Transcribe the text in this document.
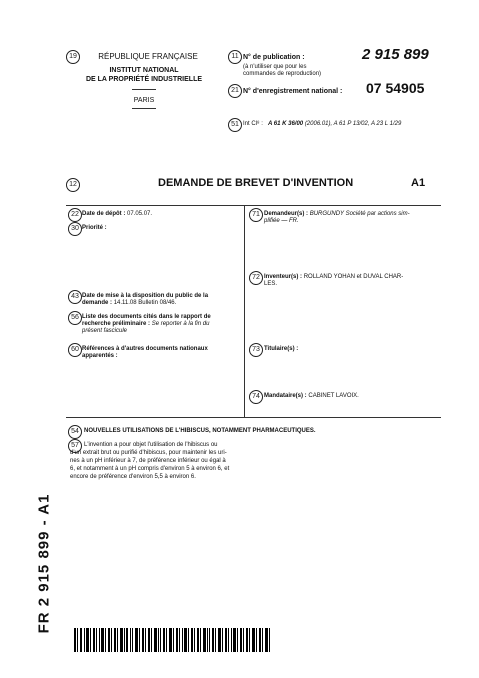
19	RÉPUBLIQUE FRANÇAISE
INSTITUT NATIONAL
DE LA PROPRIÉTÉ INDUSTRIELLE
PARIS
11 N° de publication :
(à n'utiliser que pour les
commandes de reproduction)
2 915 899
21 N° d'enregistrement national : 07 54905
51 Int Cl⁸ : A 61 K 36/00 (2006.01), A 61 P 13/02, A 23 L 1/29
12	DEMANDE DE BREVET D'INVENTION	A1
22 Date de dépôt : 07.05.07.
30 Priorité :
43 Date de mise à la disposition du public de la
demande : 14.11.08 Bulletin 08/46.
56 Liste des documents cités dans le rapport de
recherche préliminaire : Se reporter à la fin du
présent fascicule
60 Références à d'autres documents nationaux
apparentés :
71 Demandeur(s) : BURGUNDY Société par actions sim-
plifiée — FR.
72 Inventeur(s) : ROLLAND YOHAN et DUVAL CHAR-
LES.
73 Titulaire(s) :
74 Mandataire(s) : CABINET LAVOIX.
54 NOUVELLES UTILISATIONS DE L'HIBISCUS, NOTAMMENT PHARMACEUTIQUES.
57 L'invention a pour objet l'utilisation de l'hibiscus ou
d'un extrait brut ou purifié d'hibiscus, pour maintenir les uri-
nes à un pH inférieur à 7, de préférence inférieur ou égal à
6, et notamment à un pH compris d'environ 5 à environ 6, et
encore de préférence d'environ 5,5 à environ 6.
FR 2 915 899 - A1
